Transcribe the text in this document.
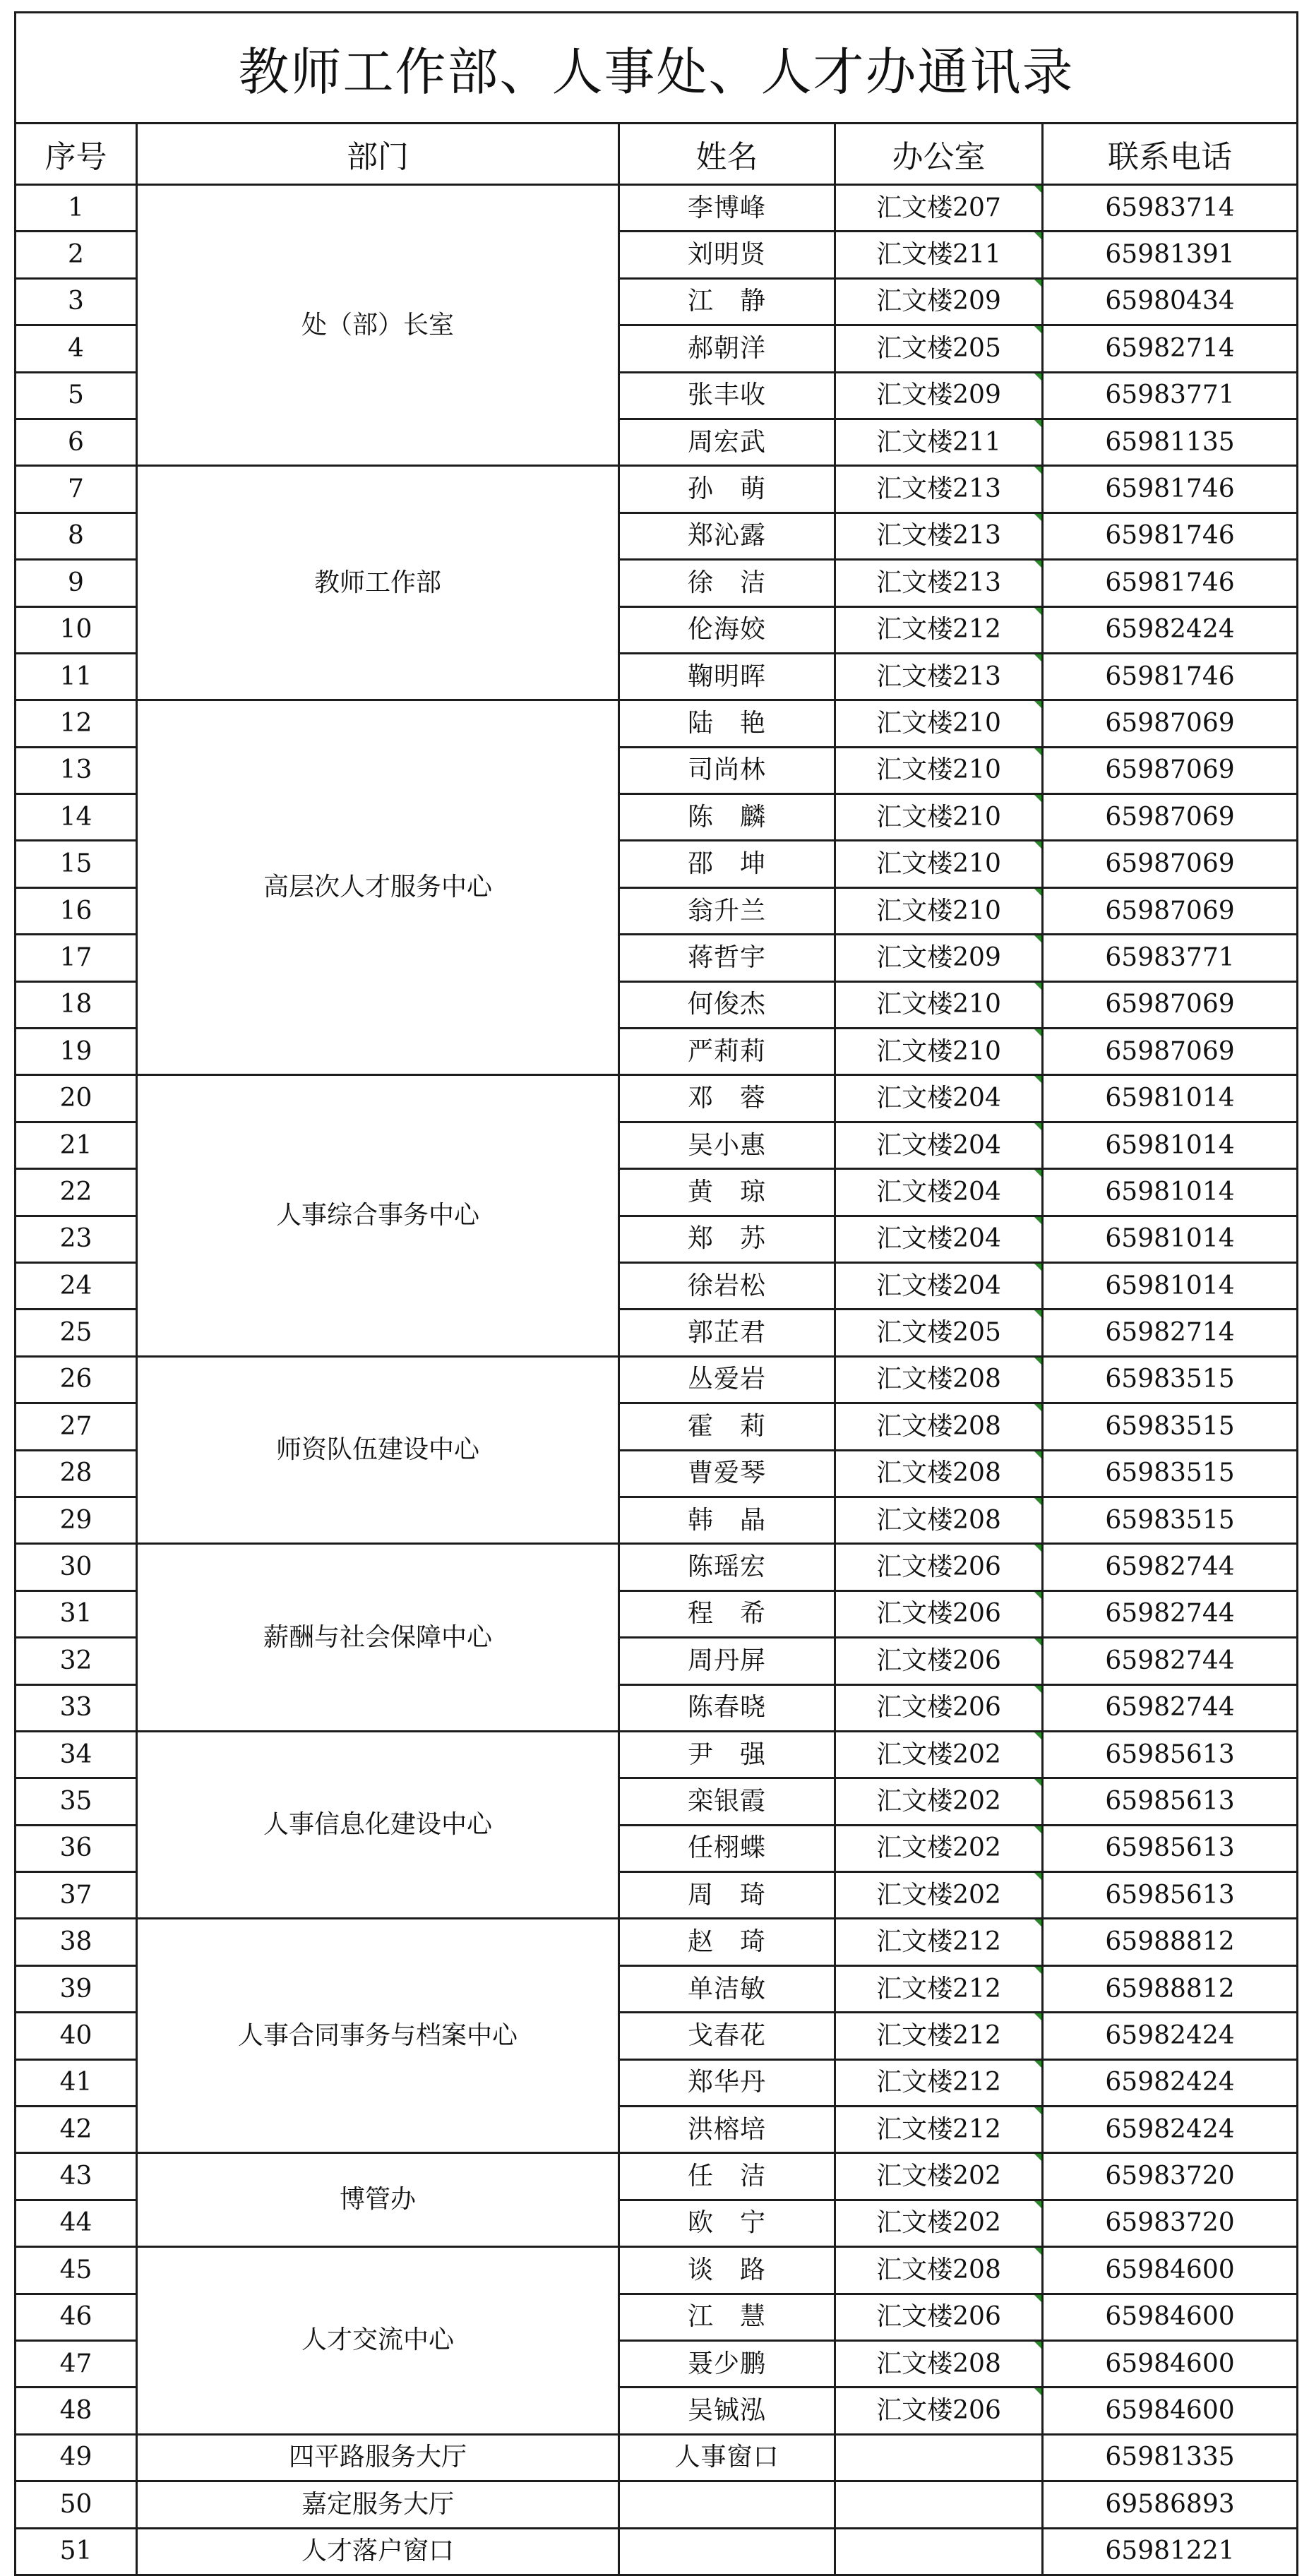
教师工作部、人事处、人才办通讯录				
序号	部门	姓名	办公室	联系电话
1	处（部）长室	李博峰	汇文楼207	65983714
2		刘明贤	汇文楼211	65981391
3		江　静	汇文楼209	65980434
4		郝朝洋	汇文楼205	65982714
5		张丰收	汇文楼209	65983771
6		周宏武	汇文楼211	65981135
7	教师工作部	孙　萌	汇文楼213	65981746
8		郑沁露	汇文楼213	65981746
9		徐　洁	汇文楼213	65981746
10		伦海姣	汇文楼212	65982424
11		鞠明晖	汇文楼213	65981746
12	高层次人才服务中心	陆　艳	汇文楼210	65987069
13		司尚林	汇文楼210	65987069
14		陈　麟	汇文楼210	65987069
15		邵　坤	汇文楼210	65987069
16		翁升兰	汇文楼210	65987069
17		蒋哲宇	汇文楼209	65983771
18		何俊杰	汇文楼210	65987069
19		严莉莉	汇文楼210	65987069
20	人事综合事务中心	邓　蓉	汇文楼204	65981014
21		吴小惠	汇文楼204	65981014
22		黄　琼	汇文楼204	65981014
23		郑　苏	汇文楼204	65981014
24		徐岩松	汇文楼204	65981014
25		郭芷君	汇文楼205	65982714
26	师资队伍建设中心	丛爱岩	汇文楼208	65983515
27		霍　莉	汇文楼208	65983515
28		曹爱琴	汇文楼208	65983515
29		韩　晶	汇文楼208	65983515
30	薪酬与社会保障中心	陈瑶宏	汇文楼206	65982744
31		程　希	汇文楼206	65982744
32		周丹屏	汇文楼206	65982744
33		陈春晓	汇文楼206	65982744
34	人事信息化建设中心	尹　强	汇文楼202	65985613
35		栾银霞	汇文楼202	65985613
36		任栩蝶	汇文楼202	65985613
37		周　琦	汇文楼202	65985613
38	人事合同事务与档案中心	赵　琦	汇文楼212	65988812
39		单洁敏	汇文楼212	65988812
40		戈春花	汇文楼212	65982424
41		郑华丹	汇文楼212	65982424
42		洪榕培	汇文楼212	65982424
43	博管办	任　洁	汇文楼202	65983720
44		欧　宁	汇文楼202	65983720
45	人才交流中心	谈　路	汇文楼208	65984600
46		江　慧	汇文楼206	65984600
47		聂少鹏	汇文楼208	65984600
48		吴铖泓	汇文楼206	65984600
49	四平路服务大厅	人事窗口		65981335
50	嘉定服务大厅			69586893
51	人才落户窗口			65981221
